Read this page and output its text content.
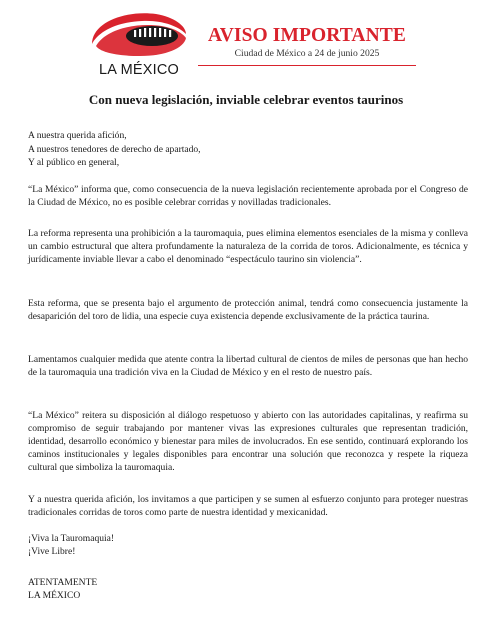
LA MÉXICO
AVISO IMPORTANTE
Ciudad de México a 24 de junio 2025
Con nueva legislación, inviable celebrar eventos taurinos
A nuestra querida afición,
A nuestros tenedores de derecho de apartado,
Y al público en general,

“La México” informa que, como consecuencia de la nueva legislación recientemente aprobada por el Congreso de la Ciudad de México, no es posible celebrar corridas y novilladas tradicionales.

La reforma representa una prohibición a la tauromaquia, pues elimina elementos esenciales de la misma y conlleva un cambio estructural que altera profundamente la naturaleza de la corrida de toros. Adicionalmente, es técnica y jurídicamente inviable llevar a cabo el denominado “espectáculo taurino sin violencia”.

Esta reforma, que se presenta bajo el argumento de protección animal, tendrá como consecuencia justamente la desaparición del toro de lidia, una especie cuya existencia depende exclusivamente de la práctica taurina.

Lamentamos cualquier medida que atente contra la libertad cultural de cientos de miles de personas que han hecho de la tauromaquia una tradición viva en la Ciudad de México y en el resto de nuestro país.

“La México” reitera su disposición al diálogo respetuoso y abierto con las autoridades capitalinas, y reafirma su compromiso de seguir trabajando por mantener vivas las expresiones culturales que representan tradición, identidad, desarrollo económico y bienestar para miles de involucrados. En ese sentido, continuará explorando los caminos institucionales y legales disponibles para encontrar una solución que reconozca y respete la riqueza cultural que simboliza la tauromaquia.

Y a nuestra querida afición, los invitamos a que participen y se sumen al esfuerzo conjunto para proteger nuestras tradicionales corridas de toros como parte de nuestra identidad y mexicanidad.

¡Viva la Tauromaquia!
¡Vive Libre!
ATENTAMENTE
LA MÉXICO
